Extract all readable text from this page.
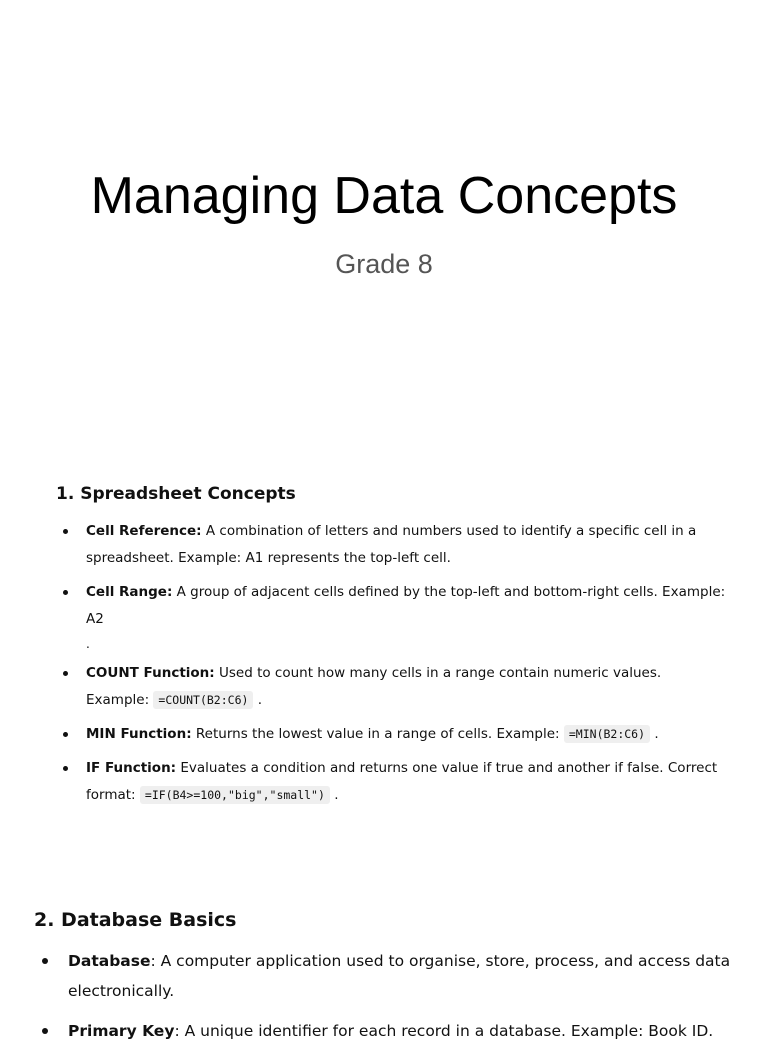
Managing Data Concepts
Grade 8
1. Spreadsheet Concepts
Cell Reference: A combination of letters and numbers used to identify a specific cell in a spreadsheet. Example: A1 represents the top-left cell.
Cell Range: A group of adjacent cells defined by the top-left and bottom-right cells. Example: A2
.
COUNT Function: Used to count how many cells in a range contain numeric values. Example: =COUNT(B2:C6) .
MIN Function: Returns the lowest value in a range of cells. Example: =MIN(B2:C6) .
IF Function: Evaluates a condition and returns one value if true and another if false. Correct format: =IF(B4>=100,"big","small") .
2. Database Basics
Database: A computer application used to organise, store, process, and access data electronically.
Primary Key: A unique identifier for each record in a database. Example: Book ID.
